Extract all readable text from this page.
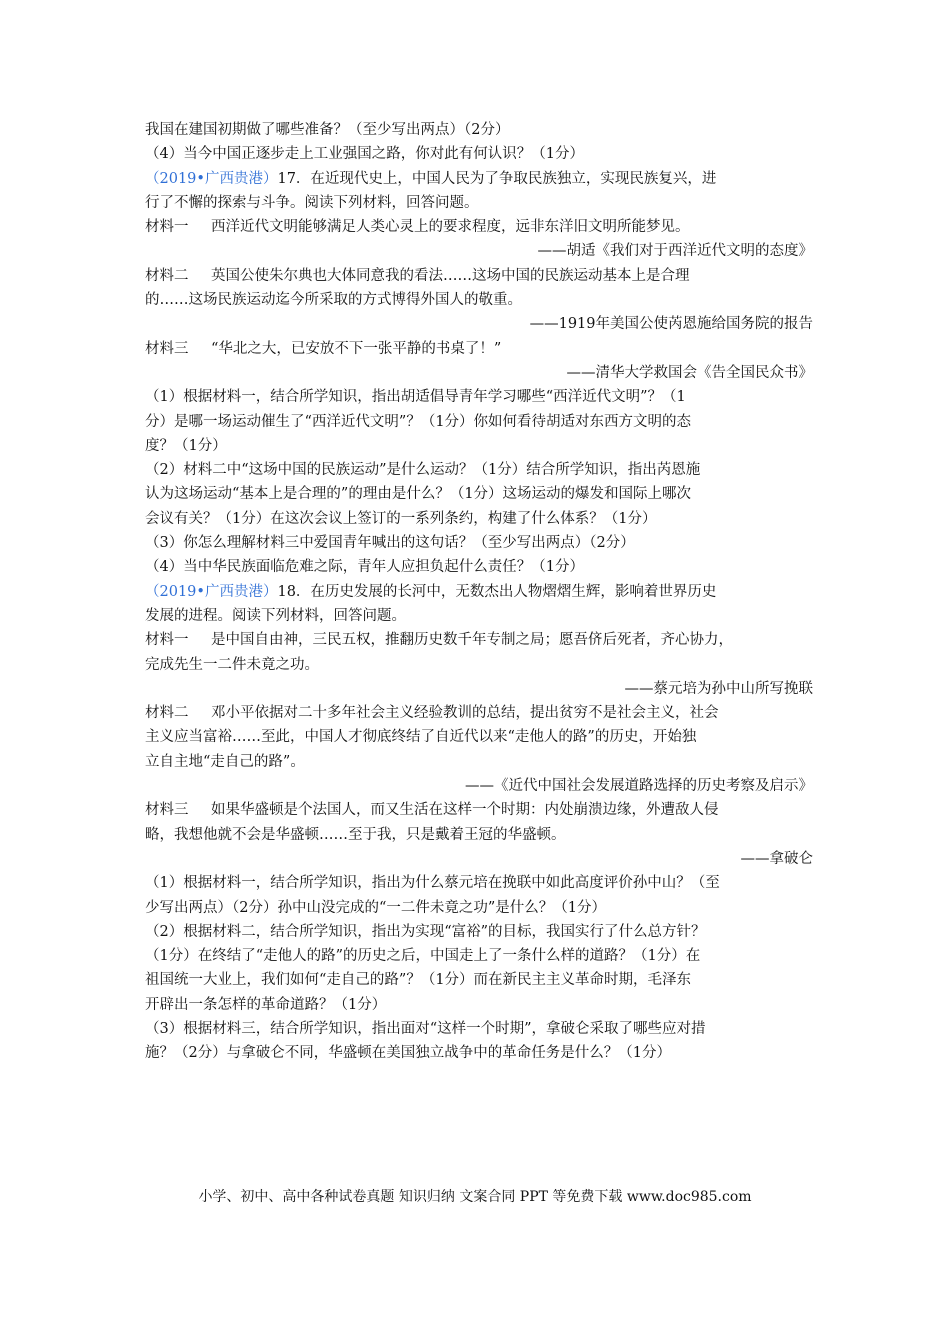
我国在建国初期做了哪些准备？（至少写出两点）（2分）
（4）当今中国正逐步走上工业强国之路，你对此有何认识？（1分）
（2019•广西贵港）17．在近现代史上，中国人民为了争取民族独立，实现民族复兴，进
行了不懈的探索与斗争。阅读下列材料，回答问题。
材料一 西洋近代文明能够满足人类心灵上的要求程度，远非东洋旧文明所能梦见。
——胡适《我们对于西洋近代文明的态度》
材料二 英国公使朱尔典也大体同意我的看法……这场中国的民族运动基本上是合理
的……这场民族运动迄今所采取的方式博得外国人的敬重。
——1919年美国公使芮恩施给国务院的报告
材料三 “华北之大，已安放不下一张平静的书桌了！”
——清华大学救国会《告全国民众书》
（1）根据材料一，结合所学知识，指出胡适倡导青年学习哪些“西洋近代文明”？（1
分）是哪一场运动催生了“西洋近代文明”？（1分）你如何看待胡适对东西方文明的态
度？（1分）
（2）材料二中“这场中国的民族运动”是什么运动？（1分）结合所学知识，指出芮恩施
认为这场运动“基本上是合理的”的理由是什么？（1分）这场运动的爆发和国际上哪次
会议有关？（1分）在这次会议上签订的一系列条约，构建了什么体系？（1分）
（3）你怎么理解材料三中爱国青年喊出的这句话？（至少写出两点）（2分）
（4）当中华民族面临危难之际，青年人应担负起什么责任？（1分）
（2019•广西贵港）18．在历史发展的长河中，无数杰出人物熠熠生辉，影响着世界历史
发展的进程。阅读下列材料，回答问题。
材料一 是中国自由神，三民五权，推翻历史数千年专制之局；愿吾侪后死者，齐心协力，
完成先生一二件未竟之功。
——蔡元培为孙中山所写挽联
材料二 邓小平依据对二十多年社会主义经验教训的总结，提出贫穷不是社会主义，社会
主义应当富裕……至此，中国人才彻底终结了自近代以来“走他人的路”的历史，开始独
立自主地“走自己的路”。
——《近代中国社会发展道路选择的历史考察及启示》
材料三 如果华盛顿是个法国人，而又生活在这样一个时期：内处崩溃边缘，外遭敌人侵
略，我想他就不会是华盛顿……至于我，只是戴着王冠的华盛顿。
——拿破仑
（1）根据材料一，结合所学知识，指出为什么蔡元培在挽联中如此高度评价孙中山？（至
少写出两点）（2分）孙中山没完成的“一二件未竟之功”是什么？（1分）
（2）根据材料二，结合所学知识，指出为实现“富裕”的目标，我国实行了什么总方针？
（1分）在终结了“走他人的路”的历史之后，中国走上了一条什么样的道路？（1分）在
祖国统一大业上，我们如何“走自己的路”？（1分）而在新民主主义革命时期，毛泽东
开辟出一条怎样的革命道路？（1分）
（3）根据材料三，结合所学知识，指出面对“这样一个时期”，拿破仑采取了哪些应对措
施？（2分）与拿破仑不同，华盛顿在美国独立战争中的革命任务是什么？（1分）
小学、初中、高中各种试卷真题 知识归纳 文案合同 PPT 等免费下载 www.doc985.com
